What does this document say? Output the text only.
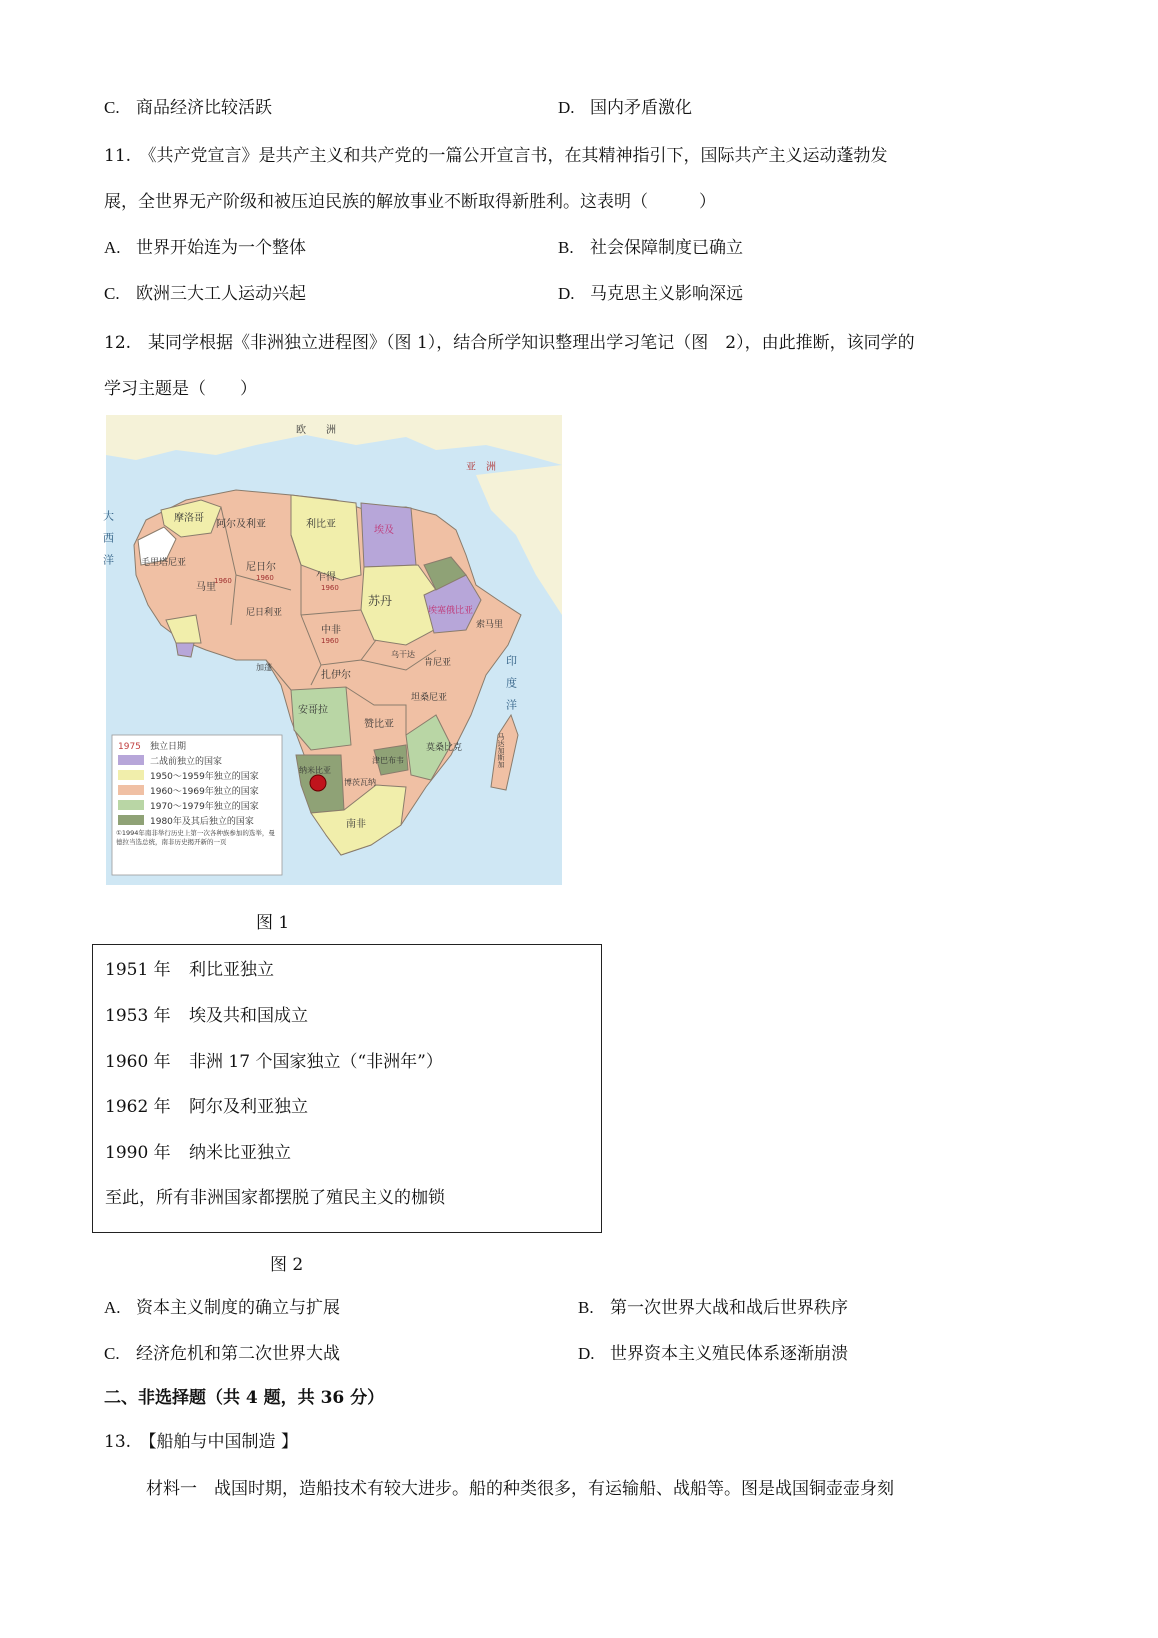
C. 商品经济比较活跃	D. 国内矛盾激化
11.　《共产党宣言》是共产主义和共产党的一篇公开宣言书，在其精神指引下，国际共产主义运动蓬勃发
展，全世界无产阶级和被压迫民族的解放事业不断取得新胜利。这表明（　　　）
A. 世界开始连为一个整体	B. 社会保障制度已确立
C. 欧洲三大工人运动兴起	D. 马克思主义影响深远
12.　某同学根据《非洲独立进程图》（图 1），结合所学知识整理出学习笔记（图　2），由此推断，该同学的
学习主题是（　　）
欧　　洲
亚　洲
大　西　洋
印　度　洋
摩洛哥
阿尔及利亚	利比亚
埃及
苏丹
尼日尔
乍得
毛里塔尼亚
马里
尼日利亚	埃塞俄比亚
索马里
中非
扎伊尔
肯尼亚
坦桑尼亚
乌干达
加蓬
安哥拉
赞比亚
莫桑比克
纳米比亚
博茨瓦纳
津巴布韦
南非
马达加斯加
1960	1960
1960
1960
1975 独立日期
二战前独立的国家
1950～1959年独立的国家
1960～1969年独立的国家
1970～1979年独立的国家
1980年及其后独立的国家
①1994年南非举行历史上第一次各种族参加的选举，曼德拉当选总统，南非历史揭开新的一页
图 1
1951 年 利比亚独立
1953 年 埃及共和国成立
1960 年 非洲 17 个国家独立（“非洲年”）
1962 年 阿尔及利亚独立
1990 年 纳米比亚独立
至此，所有非洲国家都摆脱了殖民主义的枷锁
图 2
A. 资本主义制度的确立与扩展	B. 第一次世界大战和战后世界秩序
C. 经济危机和第二次世界大战	D. 世界资本主义殖民体系逐渐崩溃
二、非选择题（共 4 题，共 36 分）
13.　【船舶与中国制造 】
材料一　战国时期，造船技术有较大进步。船的种类很多，有运输船、战船等。图是战国铜壶壶身刻
